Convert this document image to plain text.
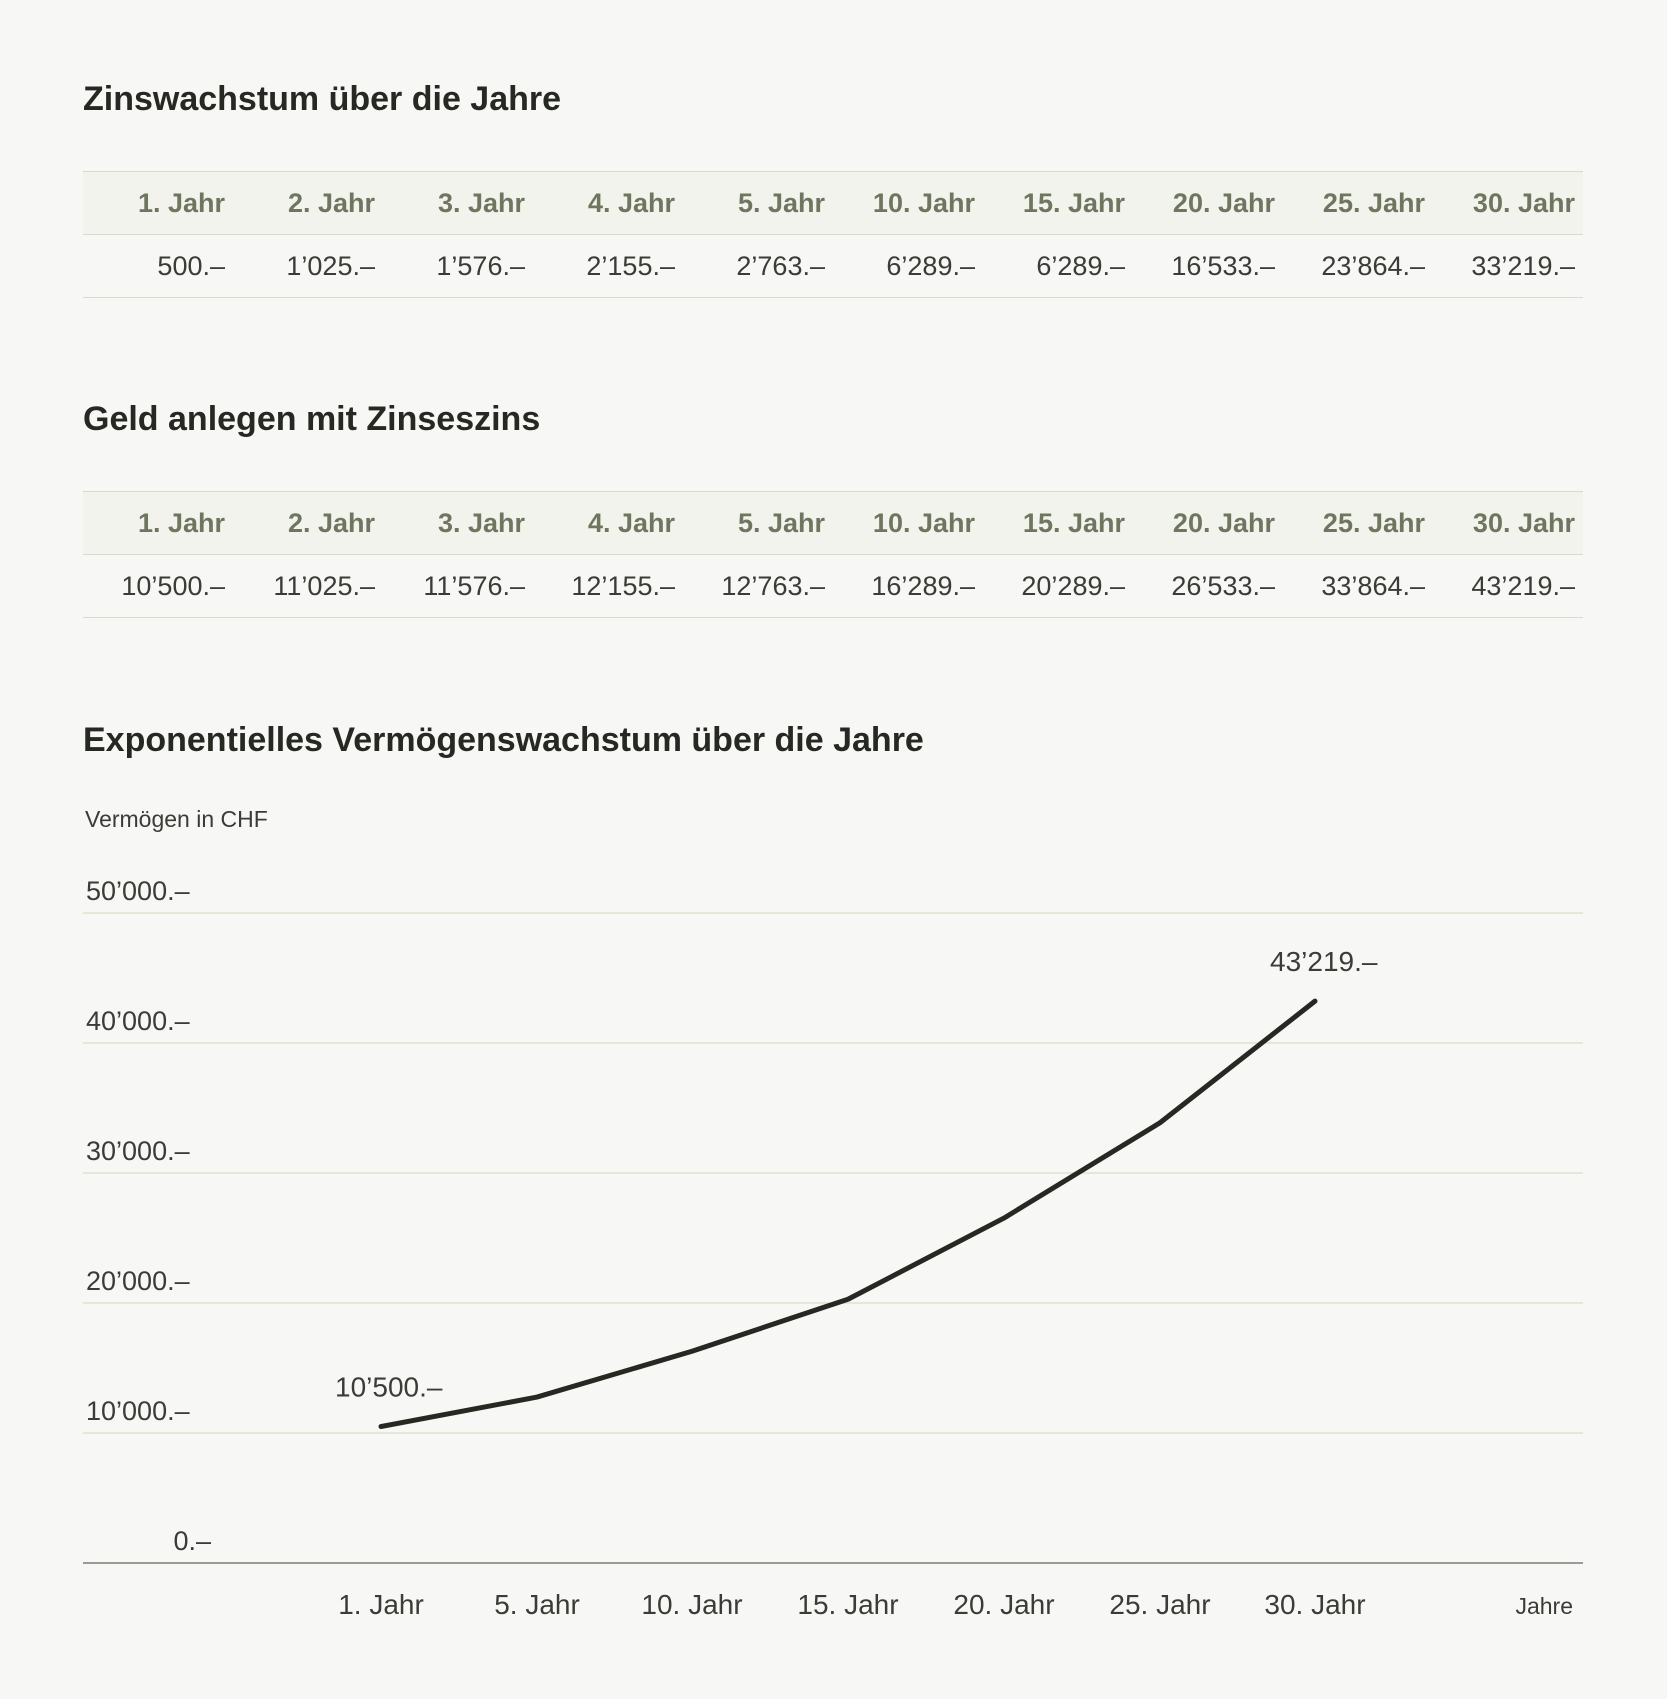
Zinswachstum über die Jahre
1. Jahr	2. Jahr	3. Jahr	4. Jahr	5. Jahr	10. Jahr	15. Jahr	20. Jahr	25. Jahr	30. Jahr
500.–	1’025.–	1’576.–	2’155.–	2’763.–	6’289.–	6’289.–	16’533.–	23’864.–	33’219.–
Geld anlegen mit Zinseszins
1. Jahr	2. Jahr	3. Jahr	4. Jahr	5. Jahr	10. Jahr	15. Jahr	20. Jahr	25. Jahr	30. Jahr
10’500.–	11’025.–	11’576.–	12’155.–	12’763.–	16’289.–	20’289.–	26’533.–	33’864.–	43’219.–
Exponentielles Vermögenswachstum über die Jahre
Vermögen in CHF
Jahre
0.–
10’000.–
20’000.–
30’000.–
40’000.–
50’000.–
1. Jahr	5. Jahr 10. Jahr 15. Jahr 20. Jahr 25. Jahr 30. Jahr
10’500.–
43’219.–
